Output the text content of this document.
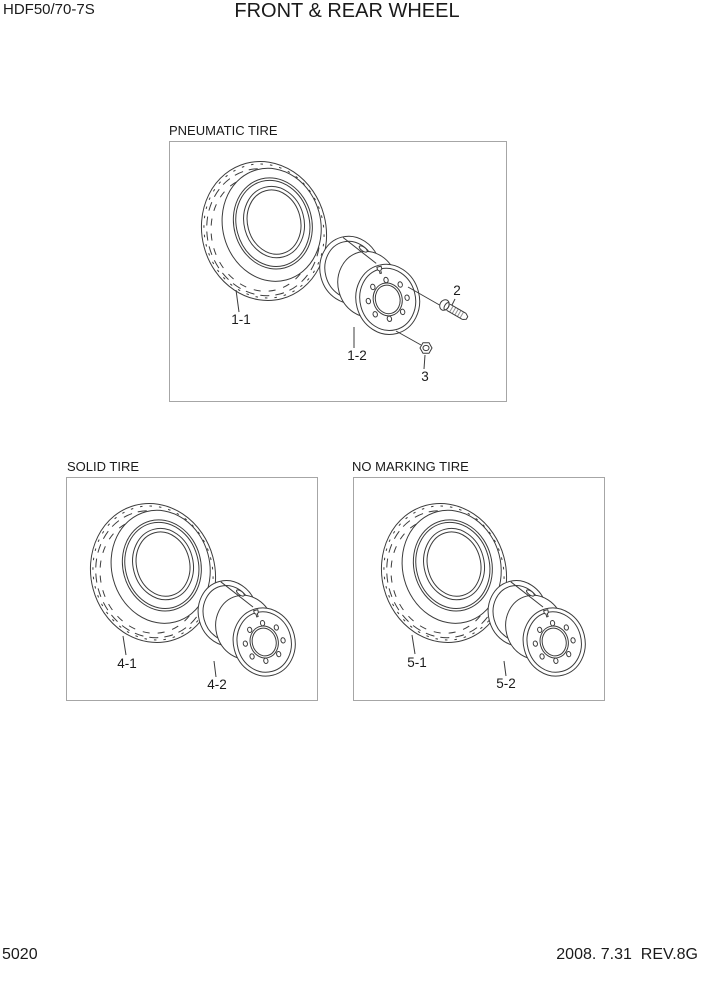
HDF50/70-7S	FRONT & REAR WHEEL
PNEUMATIC TIRE
2
3
1-1
1-2
SOLID TIRE
4-1
4-2
NO MARKING TIRE
5-1
5-2
5020	2008. 7.31  REV.8G
